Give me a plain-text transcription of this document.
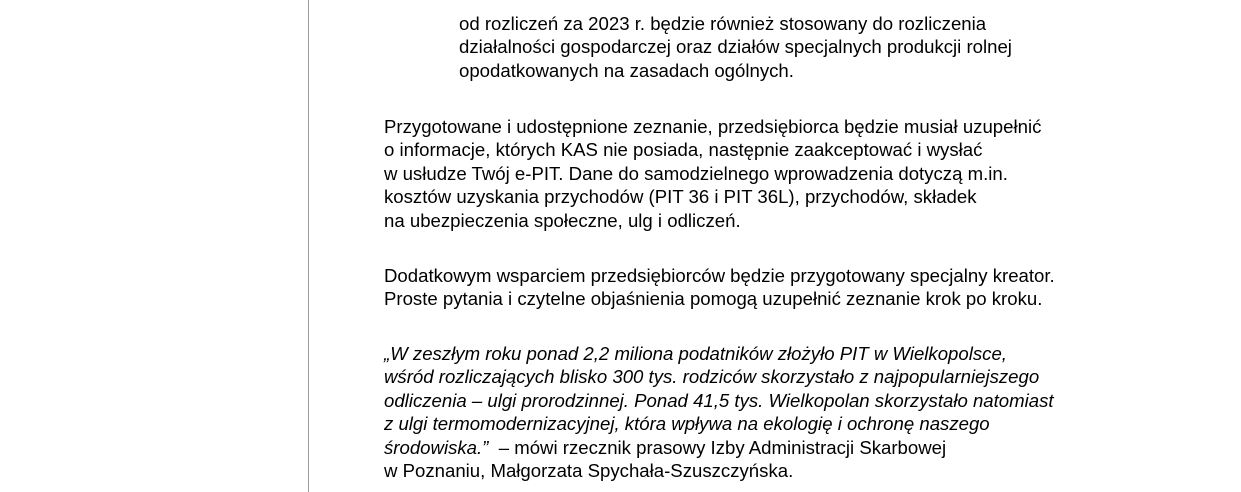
od rozliczeń za 2023 r. będzie również stosowany do rozliczenia
działalności gospodarczej oraz działów specjalnych produkcji rolnej
opodatkowanych na zasadach ogólnych.
Przygotowane i udostępnione zeznanie, przedsiębiorca będzie musiał uzupełnić
o informacje, których KAS nie posiada, następnie zaakceptować i wysłać
w usłudze Twój e-PIT. Dane do samodzielnego wprowadzenia dotyczą m.in.
kosztów uzyskania przychodów (PIT 36 i PIT 36L), przychodów, składek
na ubezpieczenia społeczne, ulg i odliczeń.
Dodatkowym wsparciem przedsiębiorców będzie przygotowany specjalny kreator.
Proste pytania i czytelne objaśnienia pomogą uzupełnić zeznanie krok po kroku.
„W zeszłym roku ponad 2,2 miliona podatników złożyło PIT w Wielkopolsce,
wśród rozliczających blisko 300 tys. rodziców skorzystało z najpopularniejszego
odliczenia – ulgi prorodzinnej. Ponad 41,5 tys. Wielkopolan skorzystało natomiast
z ulgi termomodernizacyjnej, która wpływa na ekologię i ochronę naszego
środowiska.”  – mówi rzecznik prasowy Izby Administracji Skarbowej
w Poznaniu, Małgorzata Spychała-Szuszczyńska.
